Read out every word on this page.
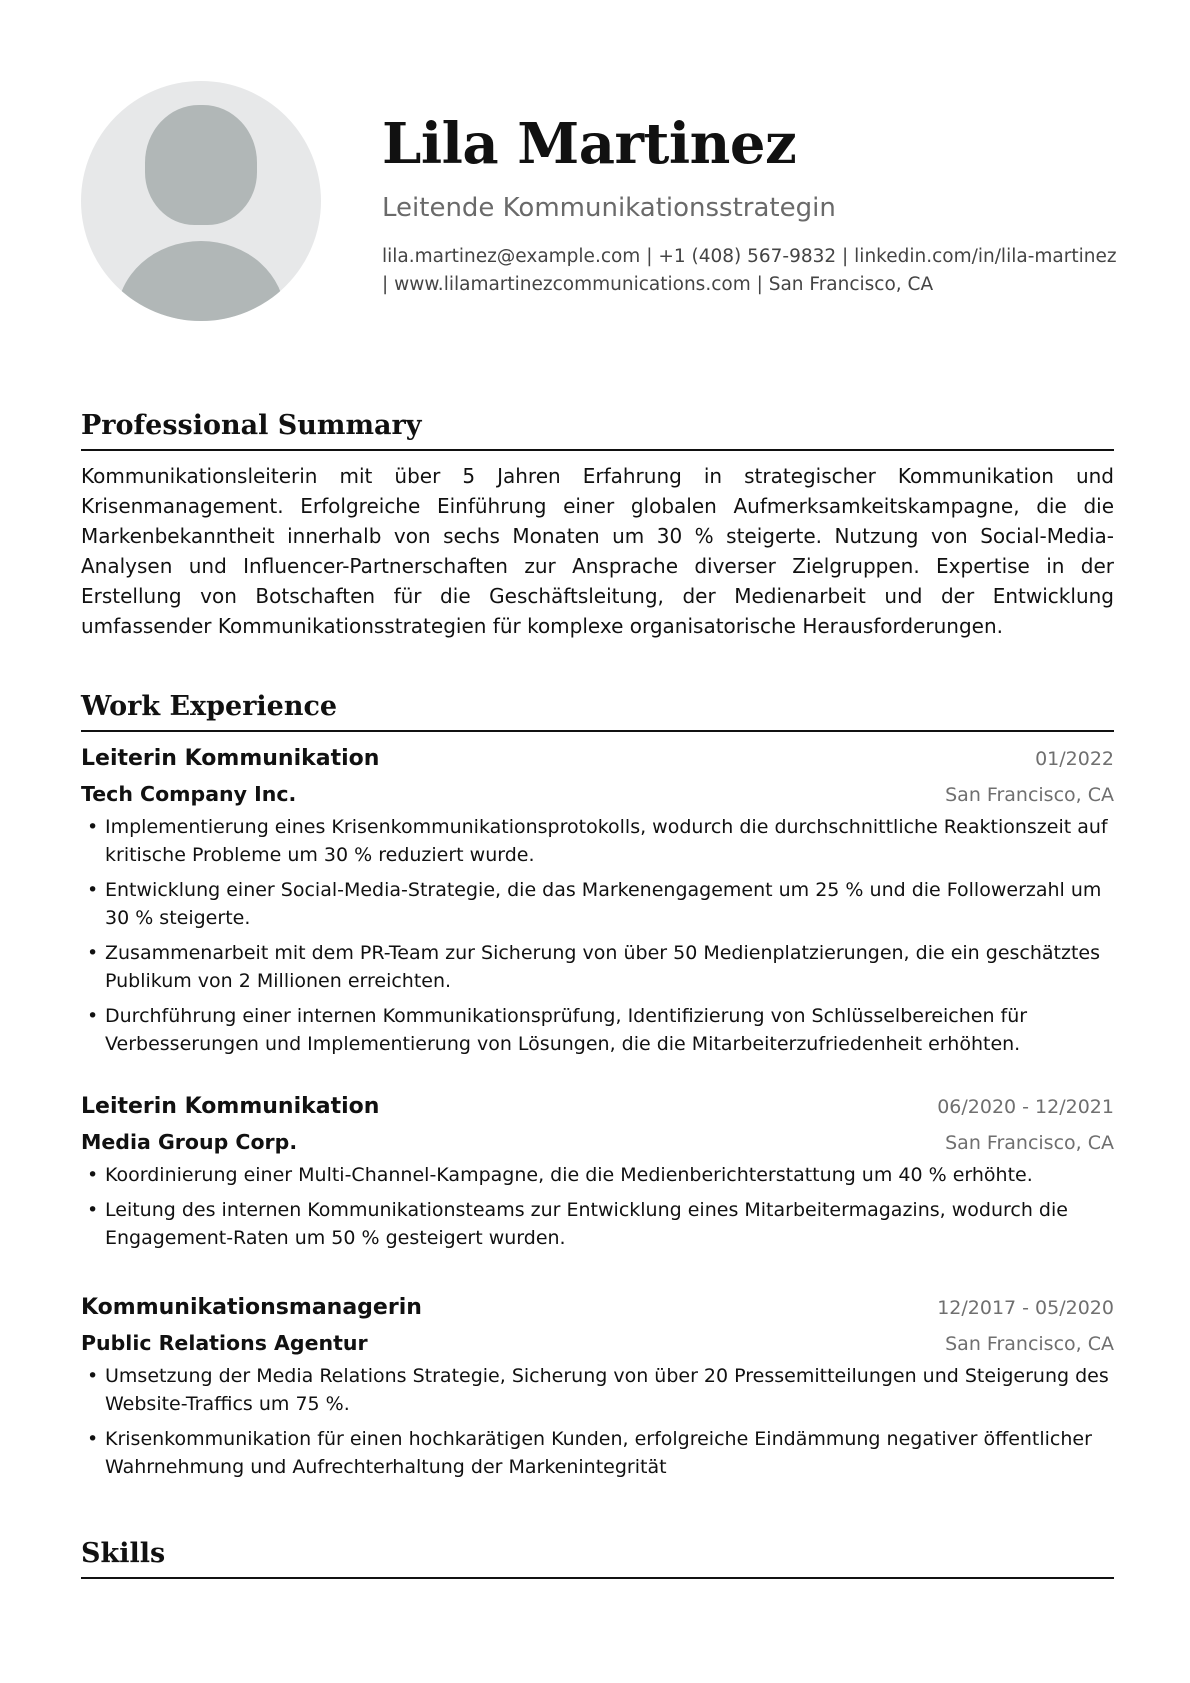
Lila Martinez
Leitende Kommunikationsstrategin
lila.martinez@example.com | +1 (408) 567-9832 | linkedin.com/in/lila-martinez | www.lilamartinezcommunications.com | San Francisco, CA
Professional Summary

Kommunikationsleiterin mit über 5 Jahren Erfahrung in strategischer Kommunikation und Krisenmanagement. Erfolgreiche Einführung einer globalen Aufmerksamkeitskampagne, die die Markenbekanntheit innerhalb von sechs Monaten um 30 % steigerte. Nutzung von Social-Media-Analysen und Influencer-Partnerschaften zur Ansprache diverser Zielgruppen. Expertise in der Erstellung von Botschaften für die Geschäftsleitung, der Medienarbeit und der Entwicklung umfassender Kommunikationsstrategien für komplexe organisatorische Herausforderungen.

Work Experience
Leiterin Kommunikation	01/2022
Tech Company Inc.	San Francisco, CA
• Implementierung eines Krisenkommunikationsprotokolls, wodurch die durchschnittliche Reaktionszeit auf kritische Probleme um 30 % reduziert wurde.
• Entwicklung einer Social-Media-Strategie, die das Markenengagement um 25 % und die Followerzahl um 30 % steigerte.
• Zusammenarbeit mit dem PR-Team zur Sicherung von über 50 Medienplatzierungen, die ein geschätztes Publikum von 2 Millionen erreichten.
• Durchführung einer internen Kommunikationsprüfung, Identifizierung von Schlüsselbereichen für Verbesserungen und Implementierung von Lösungen, die die Mitarbeiterzufriedenheit erhöhten.
Leiterin Kommunikation	06/2020 - 12/2021
Media Group Corp.	San Francisco, CA
• Koordinierung einer Multi-Channel-Kampagne, die die Medienberichterstattung um 40 % erhöhte.
• Leitung des internen Kommunikationsteams zur Entwicklung eines Mitarbeitermagazins, wodurch die Engagement-Raten um 50 % gesteigert wurden.
Kommunikationsmanagerin	12/2017 - 05/2020
Public Relations Agentur	San Francisco, CA
• Umsetzung der Media Relations Strategie, Sicherung von über 20 Pressemitteilungen und Steigerung des Website-Traffics um 75 %.
• Krisenkommunikation für einen hochkarätigen Kunden, erfolgreiche Eindämmung negativer öffentlicher Wahrnehmung und Aufrechterhaltung der Markenintegrität
Skills
